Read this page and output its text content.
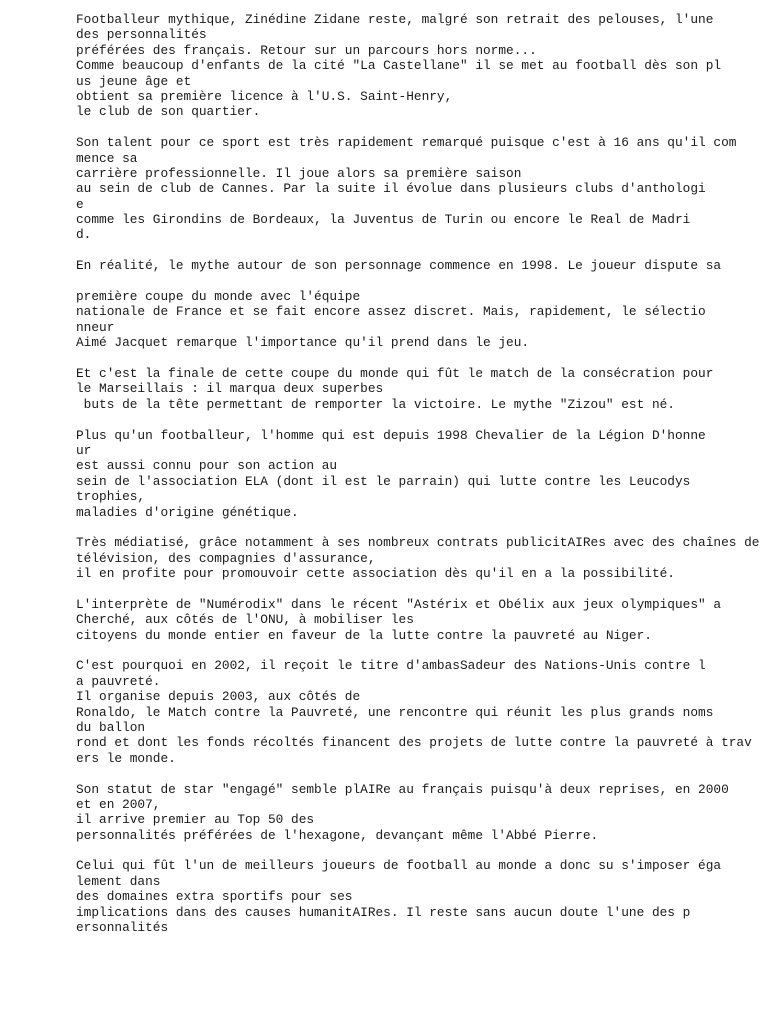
Footballeur mythique, Zinédine Zidane reste, malgré son retrait des pelouses, l'une
des personnalités
préférées des français. Retour sur un parcours hors norme...
Comme beaucoup d'enfants de la cité "La Castellane" il se met au football dès son pl
us jeune âge et
obtient sa première licence à l'U.S. Saint-Henry,
le club de son quartier.
Son talent pour ce sport est très rapidement remarqué puisque c'est à 16 ans qu'il com
mence sa
carrière professionnelle. Il joue alors sa première saison
au sein de club de Cannes. Par la suite il évolue dans plusieurs clubs d'anthologi
e
comme les Girondins de Bordeaux, la Juventus de Turin ou encore le Real de Madri
d.
En réalité, le mythe autour de son personnage commence en 1998. Le joueur dispute sa
première coupe du monde avec l'équipe
nationale de France et se fait encore assez discret. Mais, rapidement, le sélectio
nneur
Aimé Jacquet remarque l'importance qu'il prend dans le jeu.
Et c'est la finale de cette coupe du monde qui fût le match de la consécration pour
le Marseillais : il marqua deux superbes
buts de la tête permettant de remporter la victoire. Le mythe "Zizou" est né.
Plus qu'un footballeur, l'homme qui est depuis 1998 Chevalier de la Légion D'honne
ur
est aussi connu pour son action au
sein de l'association ELA (dont il est le parrain) qui lutte contre les Leucodys
trophies,
maladies d'origine génétique.
Très médiatisé, grâce notamment à ses nombreux contrats publicitAIRes avec des chaînes de
télévision, des compagnies d'assurance,
il en profite pour promouvoir cette association dès qu'il en a la possibilité.
L'interprète de "Numérodix" dans le récent "Astérix et Obélix aux jeux olympiques" a
Cherché, aux côtés de l'ONU, à mobiliser les
citoyens du monde entier en faveur de la lutte contre la pauvreté au Niger.
C'est pourquoi en 2002, il reçoit le titre d'ambasSadeur des Nations-Unis contre l
a pauvreté.
Il organise depuis 2003, aux côtés de
Ronaldo, le Match contre la Pauvreté, une rencontre qui réunit les plus grands noms
du ballon
rond et dont les fonds récoltés financent des projets de lutte contre la pauvreté à trav
ers le monde.
Son statut de star "engagé" semble plAIRe au français puisqu'à deux reprises, en 2000
et en 2007,
il arrive premier au Top 50 des
personnalités préférées de l'hexagone, devançant même l'Abbé Pierre.
Celui qui fût l'un de meilleurs joueurs de football au monde a donc su s'imposer éga
lement dans
des domaines extra sportifs pour ses
implications dans des causes humanitAIRes. Il reste sans aucun doute l'une des p
ersonnalités
